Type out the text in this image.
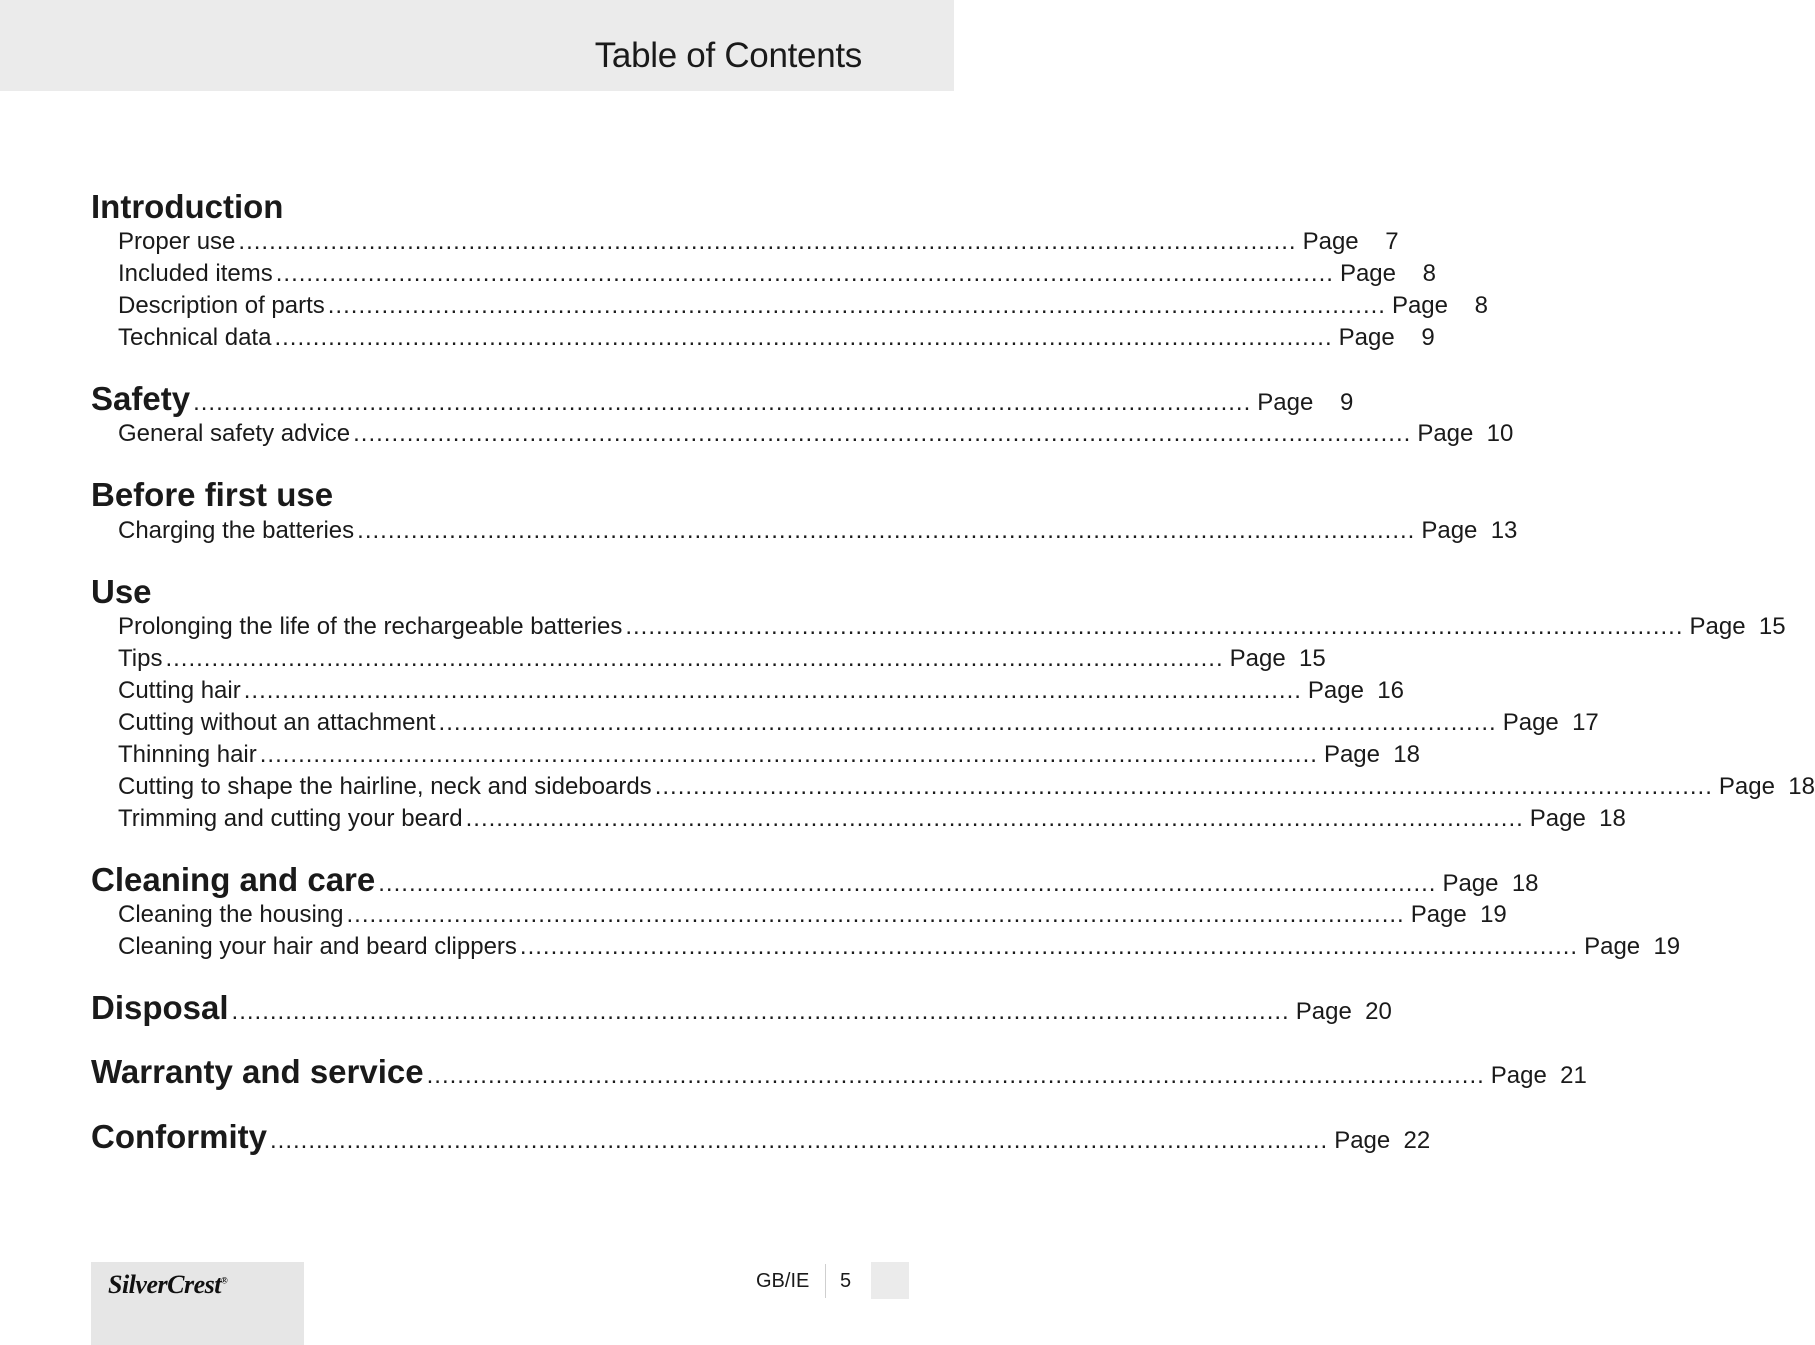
Table of Contents
Introduction
Proper use .......................................................................................................................................... Page	7
Included items .......................................................................................................................................... Page	8
Description of parts .......................................................................................................................................... Page	8
Technical data .......................................................................................................................................... Page	9
Safety .......................................................................................................................................... Page	9
General safety advice .......................................................................................................................................... Page 10
Before first use
Charging the batteries .......................................................................................................................................... Page 13
Use
Prolonging the life of the rechargeable batteries .......................................................................................................................................... Page 15
Tips .......................................................................................................................................... Page 15
Cutting hair .......................................................................................................................................... Page 16
Cutting without an attachment .......................................................................................................................................... Page 17
Thinning hair .......................................................................................................................................... Page 18
Cutting to shape the hairline, neck and sideboards .......................................................................................................................................... Page 18
Trimming and cutting your beard .......................................................................................................................................... Page 18
Cleaning and care .......................................................................................................................................... Page 18
Cleaning the housing .......................................................................................................................................... Page 19
Cleaning your hair and beard clippers .......................................................................................................................................... Page 19
Disposal .......................................................................................................................................... Page 20
Warranty and service .......................................................................................................................................... Page 21
Conformity .......................................................................................................................................... Page 22
SilverCrest®	GB/IE 5
